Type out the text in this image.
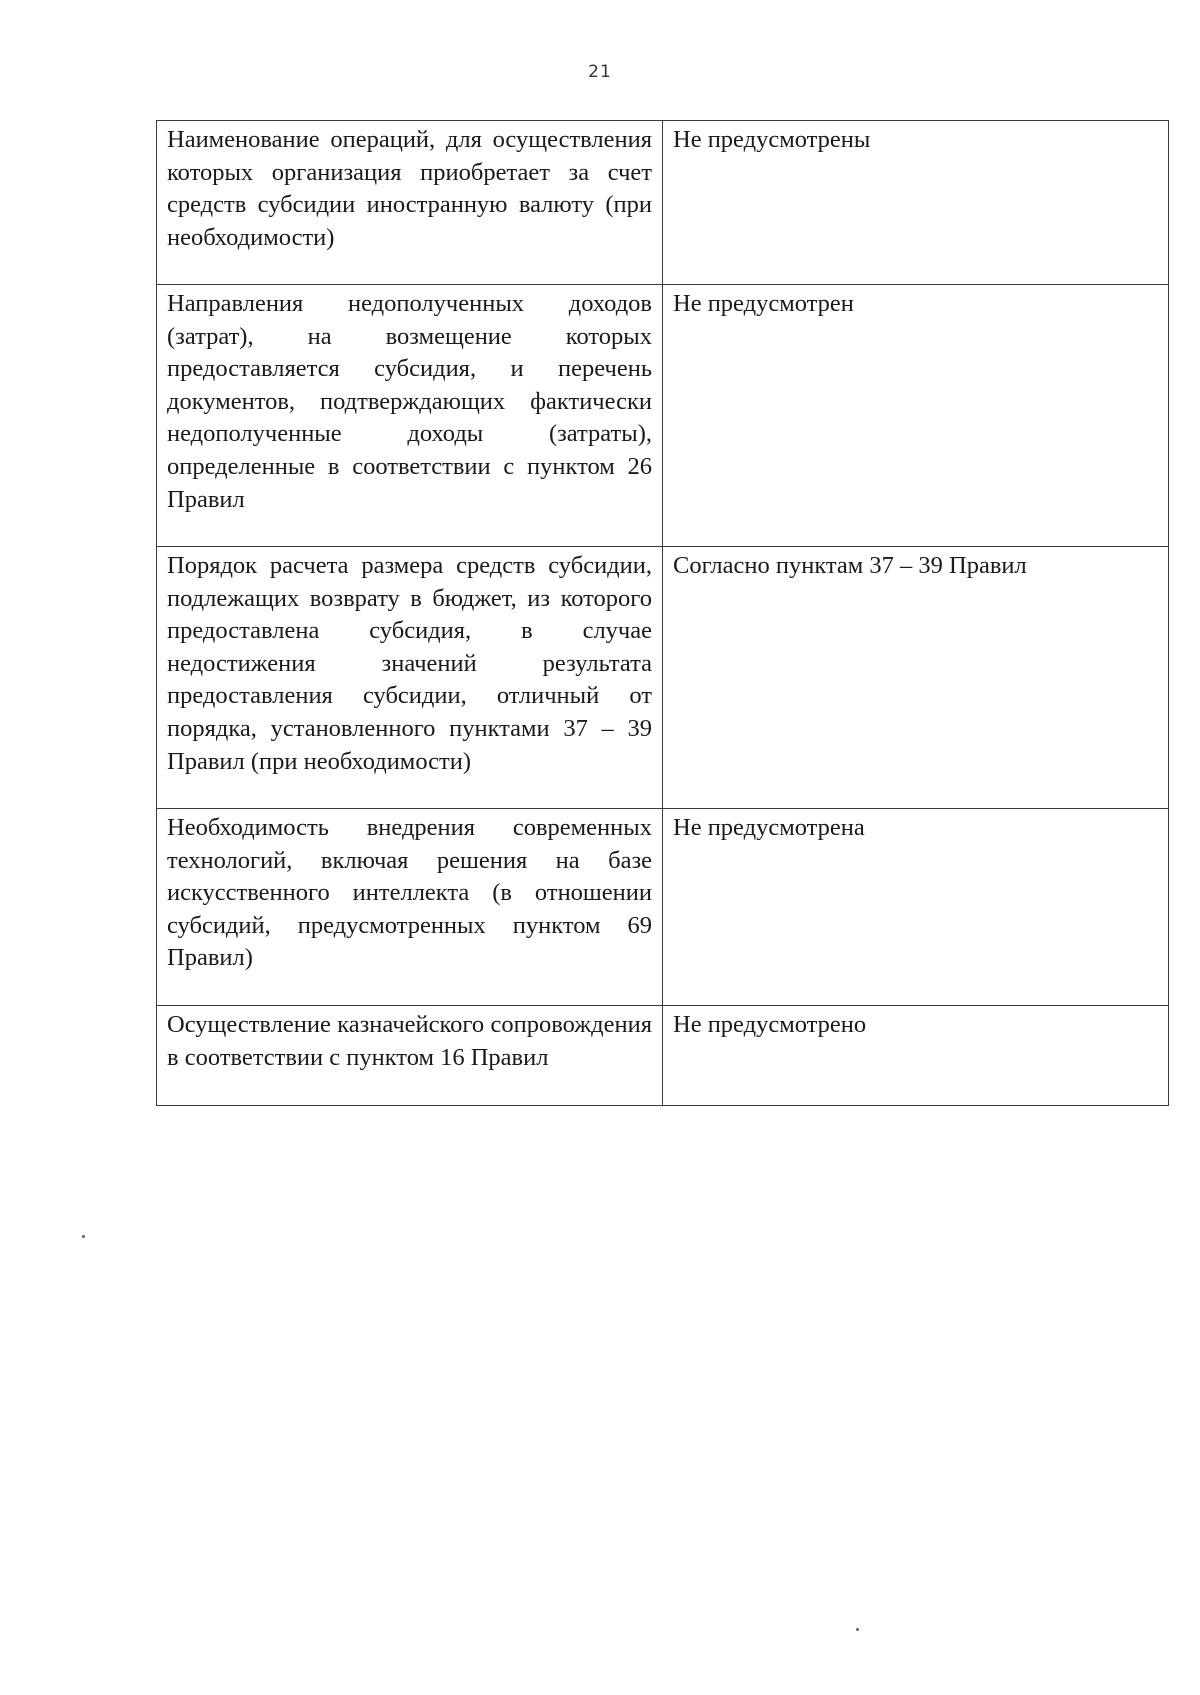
21
Наименование операций, для осуществления которых организация приобретает за счет средств субсидии иностранную валюту (при необходимости)	Не предусмотрены
Направления недополученных доходов (затрат), на возмещение которых предоставляется субсидия, и перечень документов, подтверждающих фактически недополученные доходы (затраты), определенные в соответствии с пунктом 26 Правил	Не предусмотрен
Порядок расчета размера средств субсидии, подлежащих возврату в бюджет, из которого предоставлена субсидия, в случае недостижения значений результата предоставления субсидии, отличный от порядка, установленного пунктами 37 – 39 Правил (при необходимости)	Согласно пунктам 37 – 39 Правил
Необходимость внедрения современных технологий, включая решения на базе искусственного интеллекта (в отношении субсидий, предусмотренных пунктом 69 Правил)	Не предусмотрена
Осуществление казначейского сопровождения в соответствии с пунктом 16 Правил	Не предусмотрено
